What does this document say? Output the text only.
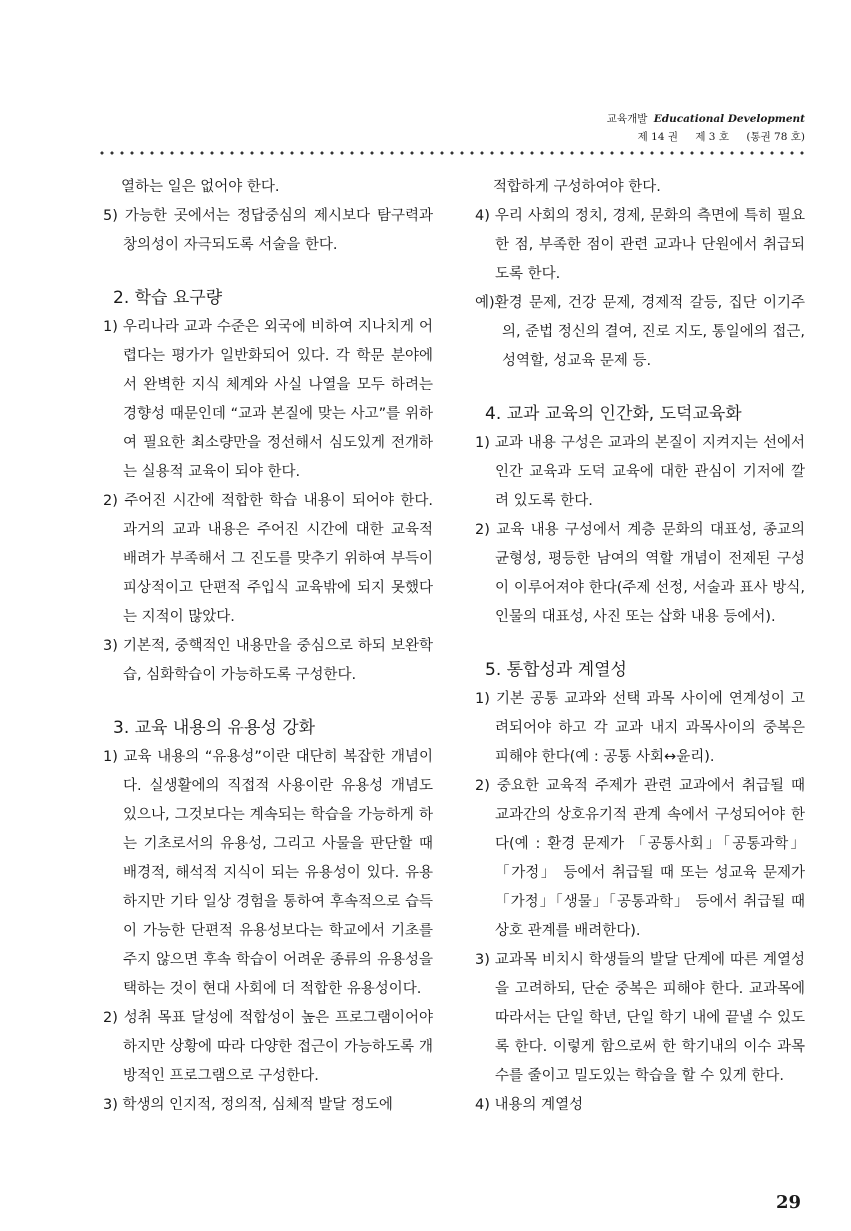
교육개발 Educational Development
제 14 권 제 3 호 (통권 78 호)

열하는 일은 없어야 한다.

5) 가능한 곳에서는 정답중심의 제시보다 탐구력과 창의성이 자극되도록 서술을 한다.

2. 학습 요구량

1) 우리나라 교과 수준은 외국에 비하여 지나치게 어렵다는 평가가 일반화되어 있다. 각 학문 분야에서 완벽한 지식 체계와 사실 나열을 모두 하려는 경향성 때문인데 “교과 본질에 맞는 사고”를 위하여 필요한 최소량만을 정선해서 심도있게 전개하는 실용적 교육이 되야 한다.

2) 주어진 시간에 적합한 학습 내용이 되어야 한다. 과거의 교과 내용은 주어진 시간에 대한 교육적 배려가 부족해서 그 진도를 맞추기 위하여 부득이 피상적이고 단편적 주입식 교육밖에 되지 못했다는 지적이 많았다.

3) 기본적, 중핵적인 내용만을 중심으로 하되 보완학습, 심화학습이 가능하도록 구성한다.

3. 교육 내용의 유용성 강화

1) 교육 내용의 “유용성”이란 대단히 복잡한 개념이다. 실생활에의 직접적 사용이란 유용성 개념도 있으나, 그것보다는 계속되는 학습을 가능하게 하는 기초로서의 유용성, 그리고 사물을 판단할 때 배경적, 해석적 지식이 되는 유용성이 있다. 유용하지만 기타 일상 경험을 통하여 후속적으로 습득이 가능한 단편적 유용성보다는 학교에서 기초를 주지 않으면 후속 학습이 어려운 종류의 유용성을 택하는 것이 현대 사회에 더 적합한 유용성이다.

2) 성취 목표 달성에 적합성이 높은 프로그램이어야 하지만 상황에 따라 다양한 접근이 가능하도록 개방적인 프로그램으로 구성한다.

3) 학생의 인지적, 정의적, 심체적 발달 정도에

적합하게 구성하여야 한다.

4) 우리 사회의 정치, 경제, 문화의 측면에 특히 필요한 점, 부족한 점이 관련 교과나 단원에서 취급되도록 한다.

예)환경 문제, 건강 문제, 경제적 갈등, 집단 이기주의, 준법 정신의 결여, 진로 지도, 통일에의 접근, 성역할, 성교육 문제 등.

4. 교과 교육의 인간화, 도덕교육화

1) 교과 내용 구성은 교과의 본질이 지켜지는 선에서 인간 교육과 도덕 교육에 대한 관심이 기저에 깔려 있도록 한다.

2) 교육 내용 구성에서 계층 문화의 대표성, 종교의 균형성, 평등한 남여의 역할 개념이 전제된 구성이 이루어져야 한다(주제 선정, 서술과 표사 방식, 인물의 대표성, 사진 또는 삽화 내용 등에서).

5. 통합성과 계열성

1) 기본 공통 교과와 선택 과목 사이에 연계성이 고려되어야 하고 각 교과 내지 과목사이의 중복은 피해야 한다(예 : 공통 사회↔윤리).

2) 중요한 교육적 주제가 관련 교과에서 취급될 때 교과간의 상호유기적 관계 속에서 구성되어야 한다(예 : 환경 문제가 「공통사회」「공통과학」「가정」 등에서 취급될 때 또는 성교육 문제가 「가정」「생물」「공통과학」 등에서 취급될 때 상호 관계를 배려한다).

3) 교과목 비치시 학생들의 발달 단계에 따른 계열성을 고려하되, 단순 중복은 피해야 한다. 교과목에 따라서는 단일 학년, 단일 학기 내에 끝낼 수 있도록 한다. 이렇게 함으로써 한 학기내의 이수 과목수를 줄이고 밀도있는 학습을 할 수 있게 한다.

4) 내용의 계열성

29
